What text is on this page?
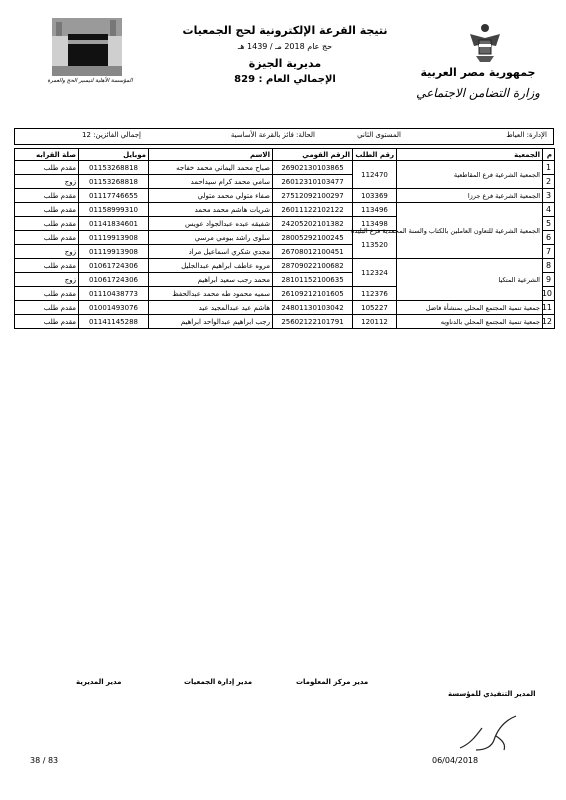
جمهورية مصر العربية
وزارة التضامن الاجتماعي
المؤسسة الأهلية لتيسير الحج والعمرة
نتيجة القرعة الإلكترونية لحج الجمعيات
حج عام 2018 مـ / 1439 هـ
مديرية الجيزة
الإجمالي العام : 829
الإدارة: العياط
المستوى الثاني
الحالة: فائز بالقرعة الأساسية
إجمالي الفائزين: 12
م	الجمعية	رقم الطلب	الرقم القومي	الاسم	موبايل	صلة القرابه
1	الجمعية الشرعية فرع المقاطعية	112470	26902130103865	صباح محمد اليماني محمد خفاجه	01153268818	مقدم طلب
2			26012310103477	سامي محمد كرام سيداحمد	01153268818	زوج
3	الجمعية الشرعية فرع جرزا	103369	27512092100297	صفاء متولي محمد متولي	01117746655	مقدم طلب
4	الجمعية الشرعية للتعاون العاملين بالكتاب والسنة المحمدية فرع البليدة	113496	26011122102122	شريات هاشم محمد محمد	01158999310	مقدم طلب
5		113498	24205202101382	شفيقه عبده عبدالجواد عويس	01141834601	مقدم طلب
6		113520	28005292100245	سلوى راشد بيومي مرسي	01119913908	مقدم طلب
7			26708012100451	مجدي شكري اسماعيل مراد	01119913908	زوج
8	الشرعية المتكيا	112324	28709022100682	مروه عاطف ابراهيم عبدالجليل	01061724306	مقدم طلب
9			28101152100635	محمد رجب سعيد ابراهيم	01061724306	زوج
10		112376	26109212101605	سميه محمود طه محمد عبدالحفظ	01110438773	مقدم طلب
11	جمعية تنمية المجتمع المحلي بمنشأة فاضل	105227	24801130103042	هاشم عيد عبدالمجيد عيد	01001493076	مقدم طلب
12	جمعية تنمية المجتمع المحلي بالدناويه	120112	25602122101791	رجب ابراهيم عبدالواحد ابراهيم	01141145288	مقدم طلب
مدير المديرية	مدير إدارة الجمعيات	مدير مركز المعلومات
المدير التنفيذي للمؤسسة
38 / 83	06/04/2018
